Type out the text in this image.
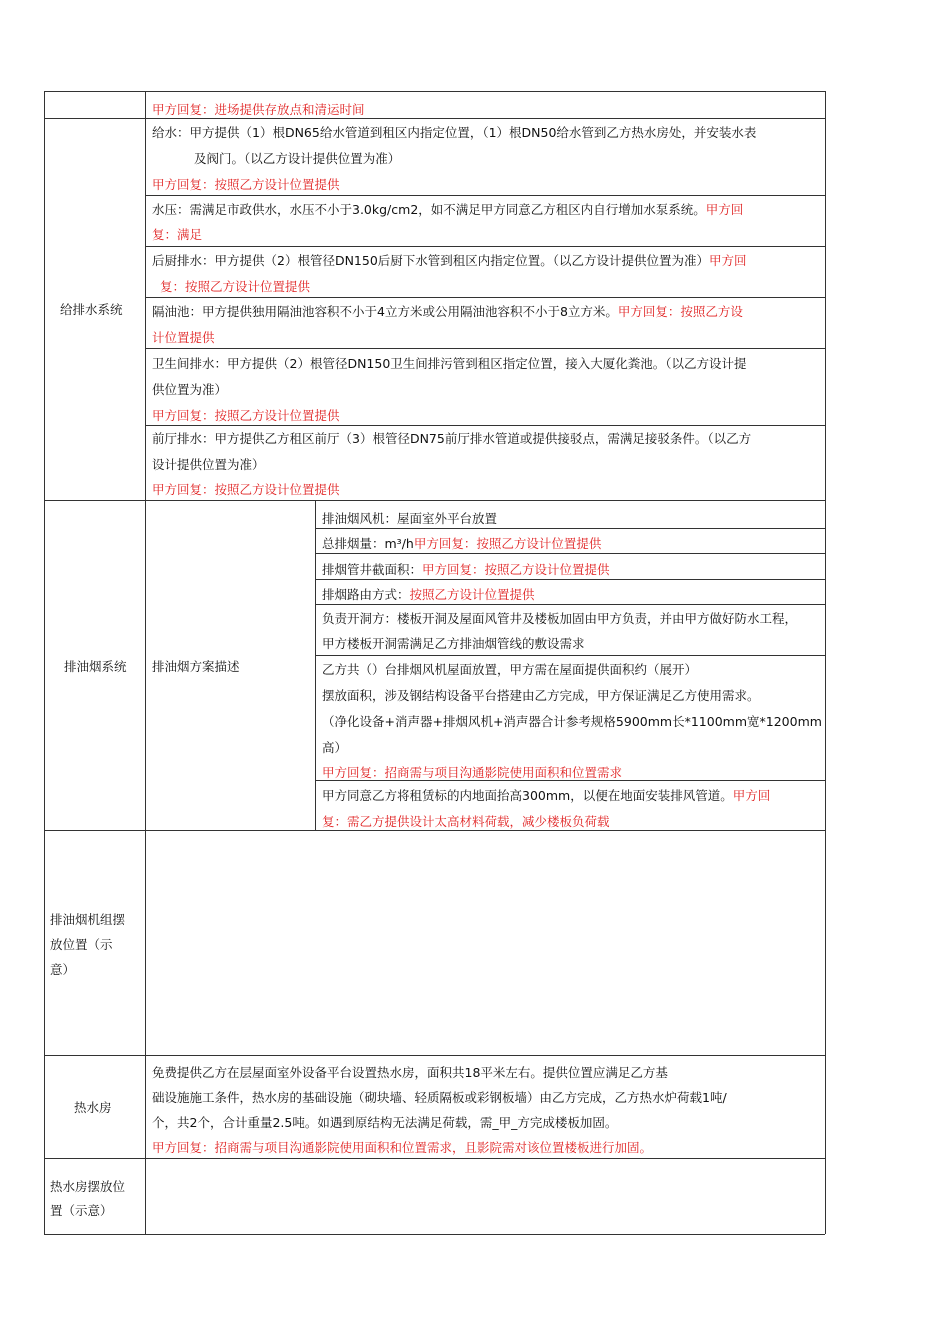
甲方回复：进场提供存放点和清运时间
给排水系统
给水：甲方提供（1）根DN65给水管道到租区内指定位置，（1）根DN50给水管到乙方热水房处，并安装水表
及阀门。（以乙方设计提供位置为准）
甲方回复：按照乙方设计位置提供
水压：需满足市政供水，水压不小于3.0kg/cm2，如不满足甲方同意乙方租区内自行增加水泵系统。甲方回
复：满足
后厨排水：甲方提供（2）根管径DN150后厨下水管到租区内指定位置。（以乙方设计提供位置为准）甲方回
复：按照乙方设计位置提供
隔油池：甲方提供独用隔油池容积不小于4立方米或公用隔油池容积不小于8立方米。甲方回复：按照乙方设
计位置提供
卫生间排水：甲方提供（2）根管径DN150卫生间排污管到租区指定位置，接入大厦化粪池。（以乙方设计提
供位置为准）
甲方回复：按照乙方设计位置提供
前厅排水：甲方提供乙方租区前厅（3）根管径DN75前厅排水管道或提供接驳点，需满足接驳条件。（以乙方
设计提供位置为准）
甲方回复：按照乙方设计位置提供
排油烟系统 排油烟方案描述
排油烟风机：屋面室外平台放置
总排烟量：m³/h甲方回复：按照乙方设计位置提供
排烟管井截面积：甲方回复：按照乙方设计位置提供
排烟路由方式：按照乙方设计位置提供
负责开洞方：楼板开洞及屋面风管井及楼板加固由甲方负责，并由甲方做好防水工程，
甲方楼板开洞需满足乙方排油烟管线的敷设需求
乙方共（）台排烟风机屋面放置，甲方需在屋面提供面积约（展开）
摆放面积，涉及钢结构设备平台搭建由乙方完成，甲方保证满足乙方使用需求。
（净化设备+消声器+排烟风机+消声器合计参考规格5900mm长*1100mm宽*1200mm
高）
甲方回复：招商需与项目沟通影院使用面积和位置需求
甲方同意乙方将租赁标的内地面抬高300mm，以便在地面安装排风管道。甲方回
复：需乙方提供设计太高材料荷载，减少楼板负荷载
排油烟机组摆
放位置（示
意）
热水房
免费提供乙方在层屋面室外设备平台设置热水房，面积共18平米左右。提供位置应满足乙方基
础设施施工条件，热水房的基础设施（砌块墙、轻质隔板或彩钢板墙）由乙方完成，乙方热水炉荷载1吨/
个，共2个，合计重量2.5吨。如遇到原结构无法满足荷载，需_甲_方完成楼板加固。
甲方回复：招商需与项目沟通影院使用面积和位置需求，且影院需对该位置楼板进行加固。
热水房摆放位
置（示意）
